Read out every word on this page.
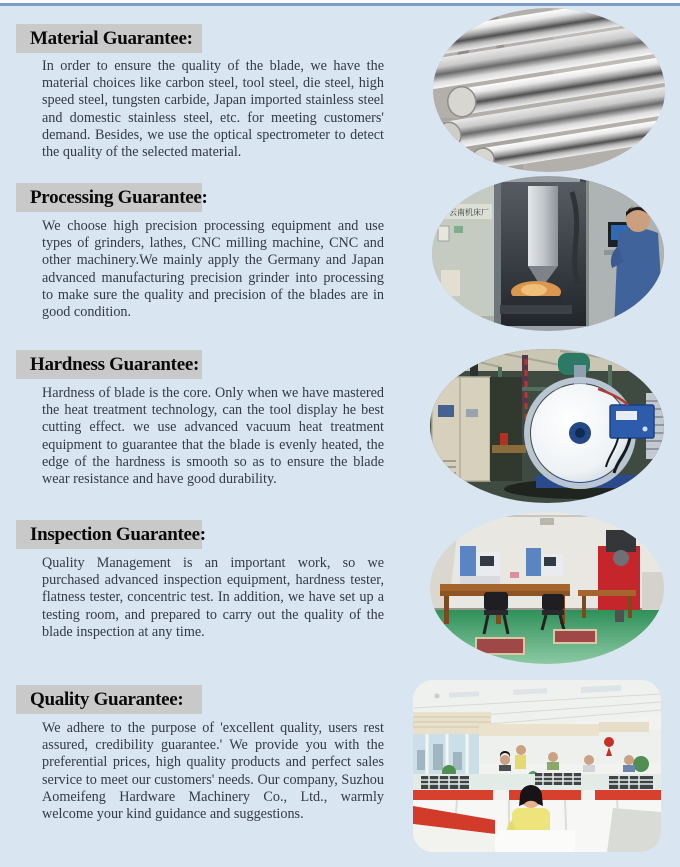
Material Guarantee:

In order to ensure the quality of the blade, we have the material choices like carbon steel, tool steel, die steel, high speed steel, tungsten carbide, Japan imported stainless steel and domestic stainless steel, etc. for meeting customers' demand. Besides, we use the optical spectrometer to detect the quality of the selected material.

Processing Guarantee:

We choose high precision processing equipment and use types of grinders, lathes, CNC milling machine, CNC and other machinery.We mainly apply the Germany and Japan advanced manufacturing precision grinder into processing to make sure the quality and precision of the blades are in good condition.

云南机床厂
Hardness Guarantee:

Hardness of blade is the core. Only when we have mastered the heat treatment technology, can the tool display he best cutting effect. we use advanced vacuum heat treatment equipment to guarantee that the blade is evenly heated, the edge of the hardness is smooth so as to ensure the blade wear resistance and have good durability.

Inspection Guarantee:

Quality Management is an important work, so we purchased advanced inspection equipment, hardness tester, flatness tester, concentric test. In addition, we have set up a testing room, and prepared to carry out the quality of the blade inspection at any time.

Quality Guarantee:

We adhere to the purpose of 'excellent quality, users rest assured, credibility guarantee.' We provide you with the preferential prices, high quality products and perfect sales service to meet our customers' needs. Our company, Suzhou Aomeifeng Hardware Machinery Co., Ltd., warmly welcome your kind guidance and suggestions.
